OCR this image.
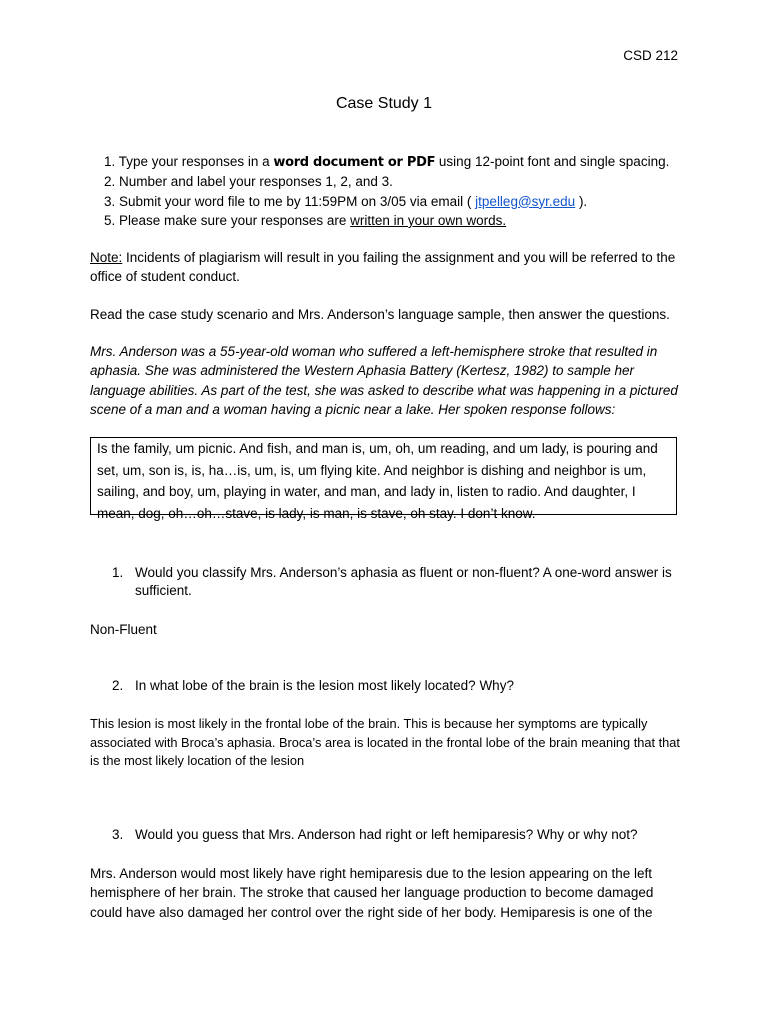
CSD 212
Case Study 1
1. Type your responses in a word document or PDF using 12-point font and single spacing.
2. Number and label your responses 1, 2, and 3.
3. Submit your word file to me by 11:59PM on 3/05 via email ( jtpelleg@syr.edu ).
5. Please make sure your responses are written in your own words.

Note: Incidents of plagiarism will result in you failing the assignment and you will be referred to the office of student conduct.

Read the case study scenario and Mrs. Anderson’s language sample, then answer the questions.

Mrs. Anderson was a 55-year-old woman who suffered a left-hemisphere stroke that resulted in aphasia. She was administered the Western Aphasia Battery (Kertesz, 1982) to sample her language abilities. As part of the test, she was asked to describe what was happening in a pictured scene of a man and a woman having a picnic near a lake. Her spoken response follows:

Is the family, um picnic. And fish, and man is, um, oh, um reading, and um lady, is pouring and set, um, son is, is, ha…is, um, is, um flying kite. And neighbor is dishing and neighbor is um, sailing, and boy, um, playing in water, and man, and lady in, listen to radio. And daughter, I mean, dog, oh…oh…stave, is lady, is man, is stave, oh stay. I don’t know.
1. Would you classify Mrs. Anderson’s aphasia as fluent or non-fluent? A one-word answer is sufficient.

Non-Fluent

2. In what lobe of the brain is the lesion most likely located? Why?

This lesion is most likely in the frontal lobe of the brain. This is because her symptoms are typically associated with Broca’s aphasia. Broca’s area is located in the frontal lobe of the brain meaning that that is the most likely location of the lesion

3. Would you guess that Mrs. Anderson had right or left hemiparesis? Why or why not?

Mrs. Anderson would most likely have right hemiparesis due to the lesion appearing on the left hemisphere of her brain. The stroke that caused her language production to become damaged could have also damaged her control over the right side of her body. Hemiparesis is one of the
